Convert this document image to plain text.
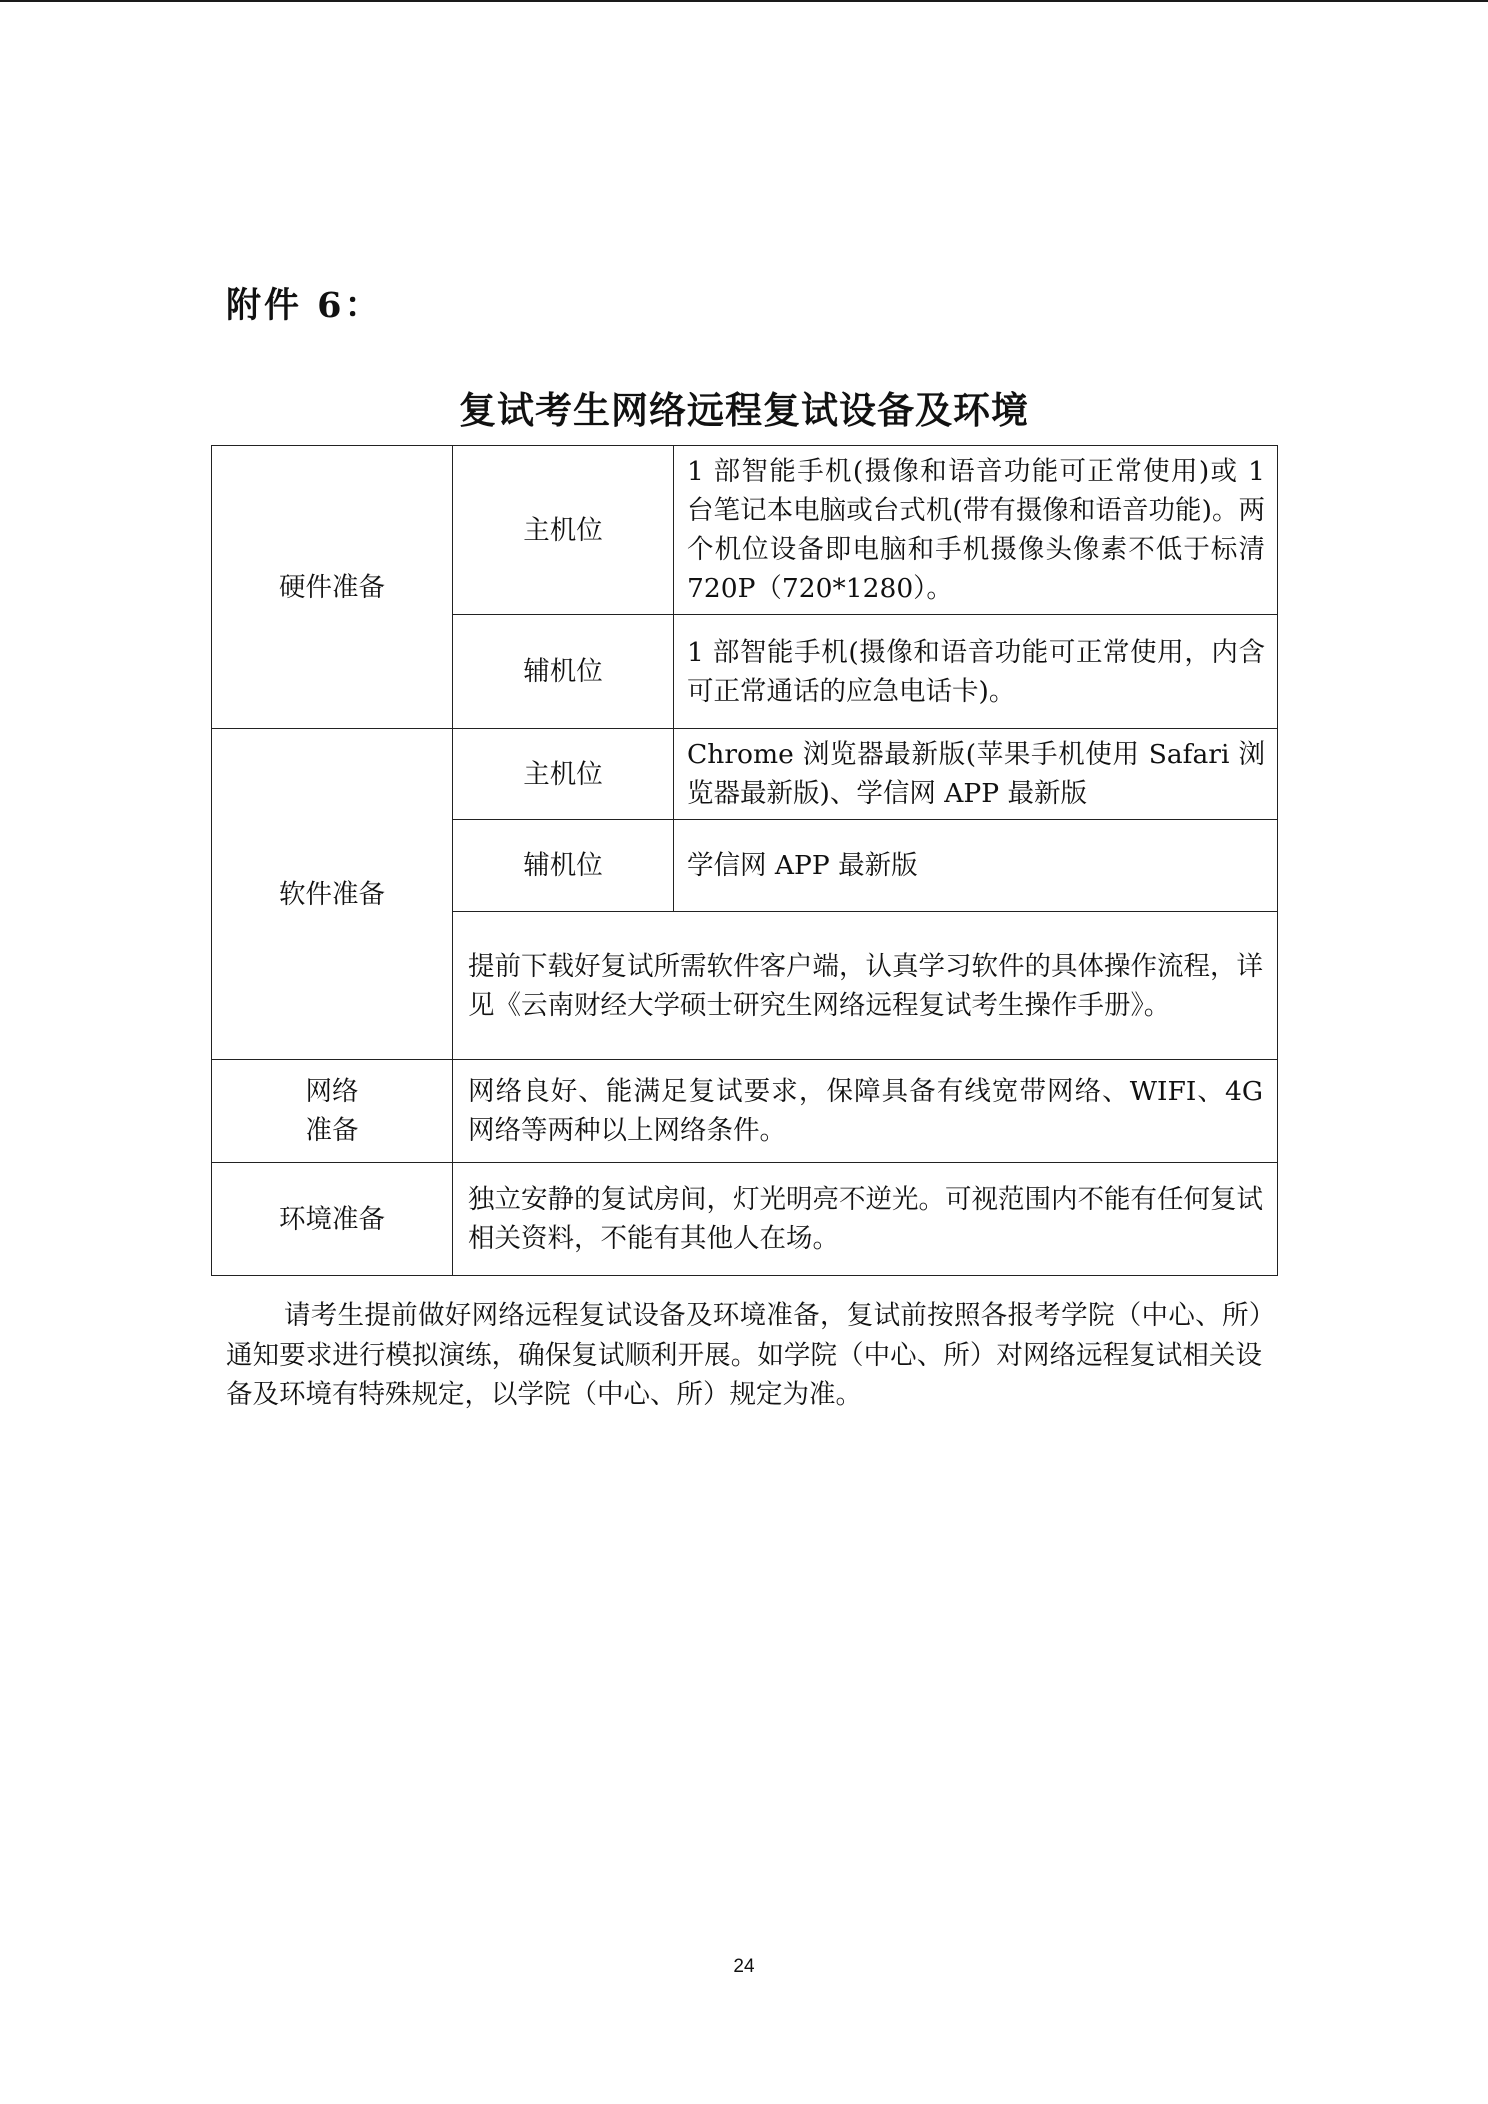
附件 6：
复试考生网络远程复试设备及环境
硬件准备	主机位	1 部智能手机(摄像和语音功能可正常使用)或 1 台笔记本电脑或台式机(带有摄像和语音功能)。两个机位设备即电脑和手机摄像头像素不低于标清 720P（720*1280）。
	辅机位	1 部智能手机(摄像和语音功能可正常使用，内含可正常通话的应急电话卡)。
软件准备	主机位	Chrome 浏览器最新版(苹果手机使用 Safari 浏览器最新版)、学信网 APP 最新版
	辅机位	学信网 APP 最新版
	提前下载好复试所需软件客户端，认真学习软件的具体操作流程，详见《云南财经大学硕士研究生网络远程复试考生操作手册》。	

网络
准备	网络良好、能满足复试要求，保障具备有线宽带网络、WIFI、4G 网络等两种以上网络条件。	
环境准备	独立安静的复试房间，灯光明亮不逆光。可视范围内不能有任何复试相关资料，不能有其他人在场。	

请考生提前做好网络远程复试设备及环境准备，复试前按照各报考学院（中心、所）通知要求进行模拟演练，确保复试顺利开展。如学院（中心、所）对网络远程复试相关设备及环境有特殊规定，以学院（中心、所）规定为准。

24
